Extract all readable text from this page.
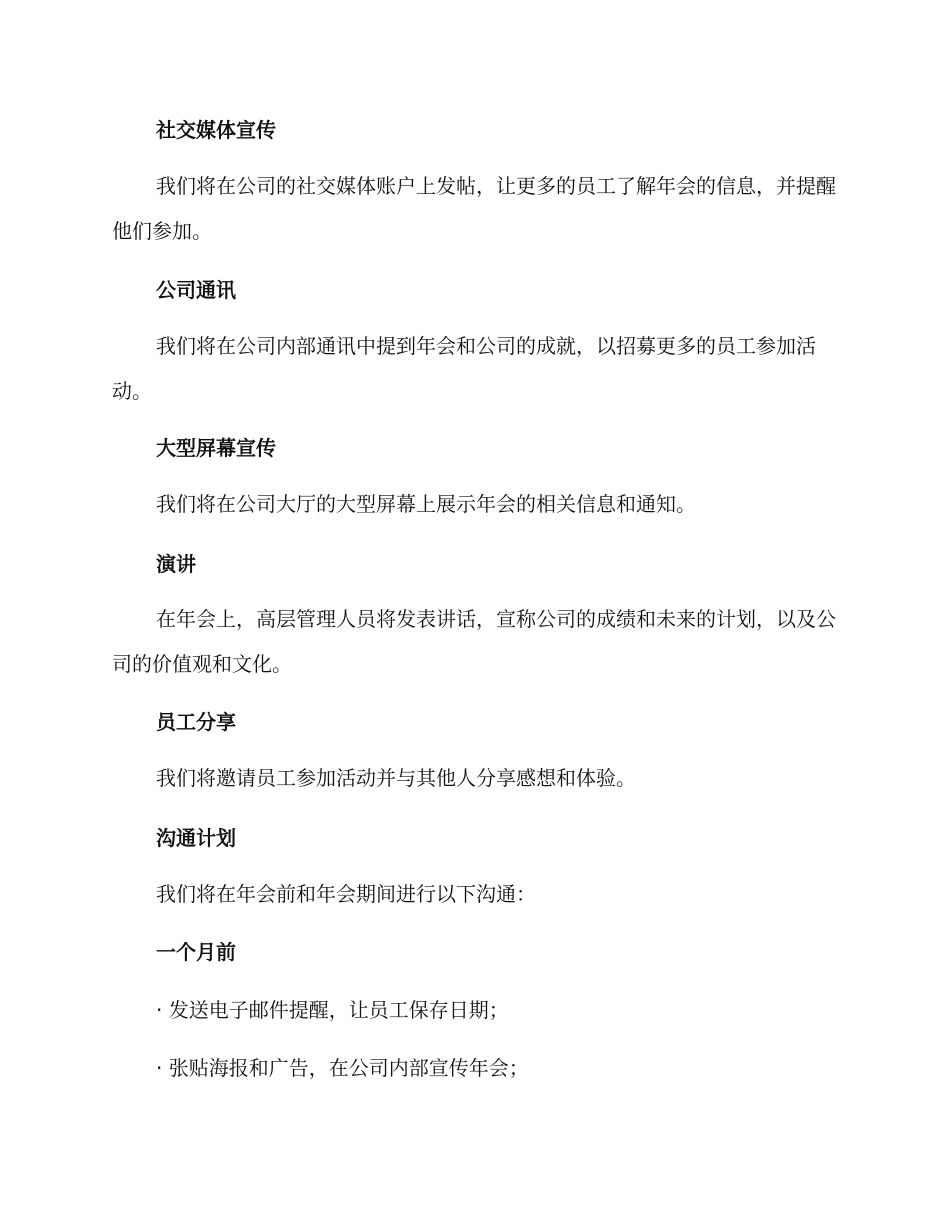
社交媒体宣传
我们将在公司的社交媒体账户上发帖，让更多的员工了解年会的信息，并提醒他们参加。
公司通讯
我们将在公司内部通讯中提到年会和公司的成就，以招募更多的员工参加活动。
大型屏幕宣传
我们将在公司大厅的大型屏幕上展示年会的相关信息和通知。
演讲
在年会上，高层管理人员将发表讲话，宣称公司的成绩和未来的计划，以及公司的价值观和文化。
员工分享
我们将邀请员工参加活动并与其他人分享感想和体验。
沟通计划
我们将在年会前和年会期间进行以下沟通：
一个月前
· 发送电子邮件提醒，让员工保存日期；
· 张贴海报和广告，在公司内部宣传年会；
